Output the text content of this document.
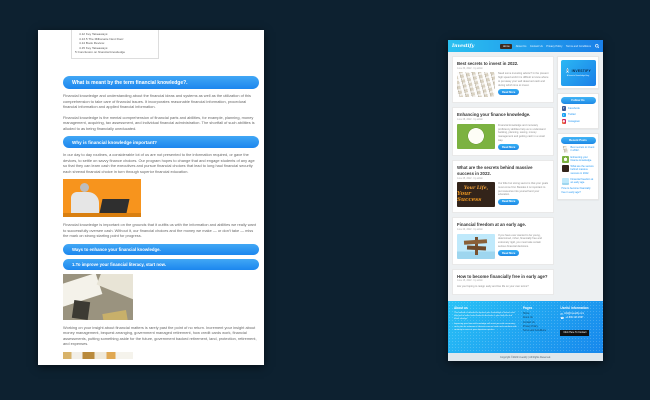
4.12 Key Takeaways:
4.13.5 The Millionaire Next Door:
4.14 Book Review:
4.15 Key Takeaways:
5 Conclusion on financial knowledge
What is meant by the term financial knowledge?.

Financial knowledge and understanding about the financial ideas and systems as well as the utilization of this comprehension to take care of financial issues. It incorporates reasonable financial information, procedural financial information and applied financial information.

Financial knowledge is the mental comprehension of financial parts and abilities, for example, planning, money management, acquiring, tax assessment, and individual financial administration. The shortfall of such abilities is alluded to as being financially uneducated.

Why is financial knowledge important?

In our day to day routines, a considerable lot of us are not presented to the information required, or gave the devices, to settle on savvy finance choices. Our program hopes to change that and engage students of any age so that they can learn cash the executives and pursue financial choices that lead to long haul financial security each shrewd financial choice in turn through superior financial education.

Financial knowledge is important on the grounds that it outfits us with the information and abilities we really want to successfully oversee cash. Without it, our financial choices and the money we make — or don't take — miss the mark on strong starting point for progress.

Ways to enhance your financial knowledge.
1.To improve your financial literacy, start now.

Working on your insight about financial matters is rarely past the point of no return. Increment your insight about money management, bequest arranging, government managed retirement, how credit cards work, financial assessments, putting something aside for the future, government backed retirement, land, protection, retirement, and expenses.

Investify	Home	About Us Contact Us Privacy Policy Terms and Conditions
Best secrets to invest in 2022.
June 30, 2022 · by admin
Need some investing advice? In the present high speed world it is difficult to know where to put away your well deserved cash and during which time to invest.
Read More
Enhancing your finance knowledge.
June 28, 2022 · by admin
Financial knowledge and monetary proficiency abilities help us to understand banking, planning, saving, money management and getting cash in a smart way.
Read More
What are the secrets behind massive success in 2022.
June 25, 2022 · by admin
Your Life,
Your Success
Our little but strong secret is that your goals must come first. Besides it is important to put resources into yourself and your education.
Read More
Financial freedom at an early age.
June 20, 2022 · by admin
If you have ever wanted to be young, determined, richer, financially free and extremely rigid, you must take certain serious financial decisions.
Read More
How to become financially free in early age?
June 15, 2022 · by admin
Are you hoping to resign early and live life on your own terms?
INVESTIFY
A financial knowledge blog
Follow Us
f	Facebook
t	Twitter
◉	Instagram
Recent Posts
Best secrets to invest in 2022.
Enhancing your finance knowledge.
What are the secrets behind massive success in 2022.
Financial freedom at an early age.
How to become financially free in early age?
About us

This website is devoted to improve your knowledge of finance and help you to make smart financial decisions in your daily life and future savings.

Improving your financial knowledge will assist you with overseeing cash, plan for retirement, fabricate reserve funds and contribute with certainty to arrive at your objectives quicker.

Pages
Home
About Us
Contact Us
Privacy Policy
Terms and Conditions
Useful information
✉ info@investify.com
☎ +1 800 123 4567
Click Here To Contact
Copyright ©2022 Investify | All Rights Reserved.
